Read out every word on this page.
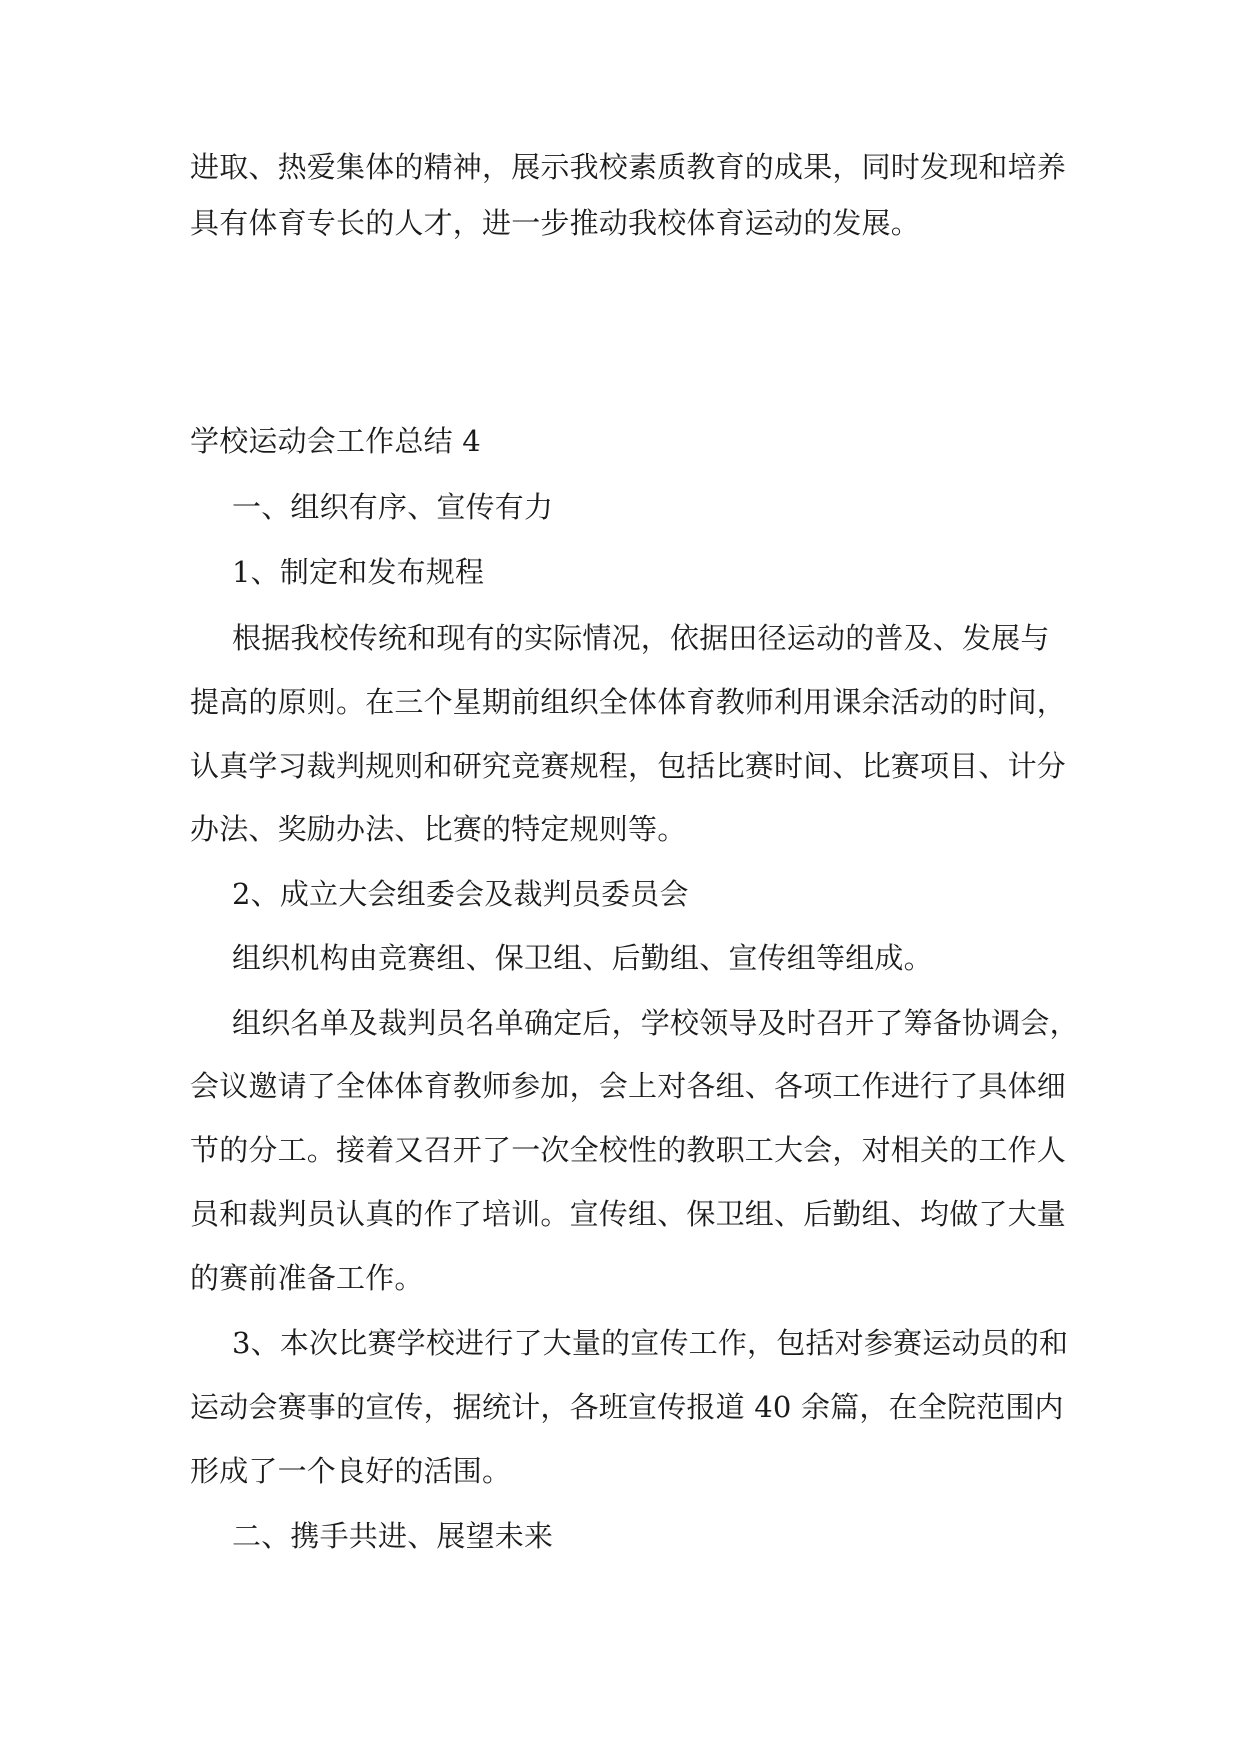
进取、热爱集体的精神，展示我校素质教育的成果，同时发现和培养
具有体育专长的人才，进一步推动我校体育运动的发展。
学校运动会工作总结 4
一、组织有序、宣传有力
1、制定和发布规程
根据我校传统和现有的实际情况，依据田径运动的普及、发展与
提高的原则。在三个星期前组织全体体育教师利用课余活动的时间，
认真学习裁判规则和研究竞赛规程，包括比赛时间、比赛项目、计分
办法、奖励办法、比赛的特定规则等。
2、成立大会组委会及裁判员委员会
组织机构由竞赛组、保卫组、后勤组、宣传组等组成。
组织名单及裁判员名单确定后，学校领导及时召开了筹备协调会，
会议邀请了全体体育教师参加，会上对各组、各项工作进行了具体细
节的分工。接着又召开了一次全校性的教职工大会，对相关的工作人
员和裁判员认真的作了培训。宣传组、保卫组、后勤组、均做了大量
的赛前准备工作。
3、本次比赛学校进行了大量的宣传工作，包括对参赛运动员的和
运动会赛事的宣传，据统计，各班宣传报道 40 余篇，在全院范围内
形成了一个良好的活围。
二、携手共进、展望未来
